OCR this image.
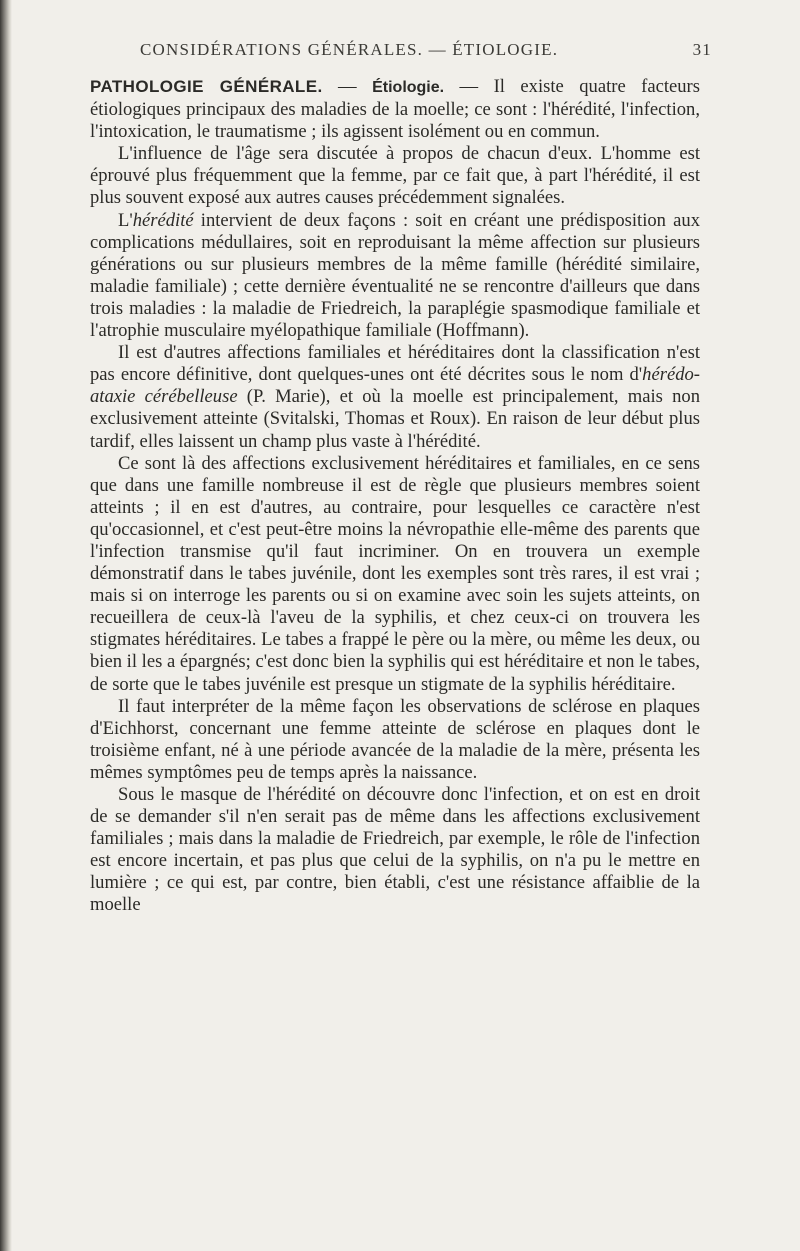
CONSIDÉRATIONS GÉNÉRALES. — ÉTIOLOGIE.	31

PATHOLOGIE GÉNÉRALE. — Étiologie. — Il existe quatre facteurs étiologiques principaux des maladies de la moelle; ce sont : l'hérédité, l'infection, l'intoxication, le traumatisme ; ils agissent isolément ou en commun.

L'influence de l'âge sera discutée à propos de chacun d'eux. L'homme est éprouvé plus fréquemment que la femme, par ce fait que, à part l'hérédité, il est plus souvent exposé aux autres causes précédemment signalées.

L'hérédité intervient de deux façons : soit en créant une prédisposition aux complications médullaires, soit en reproduisant la même affection sur plusieurs générations ou sur plusieurs membres de la même famille (hérédité similaire, maladie familiale) ; cette dernière éventualité ne se rencontre d'ailleurs que dans trois maladies : la maladie de Friedreich, la paraplégie spasmodique familiale et l'atrophie musculaire myélopathique familiale (Hoffmann).

Il est d'autres affections familiales et héréditaires dont la classification n'est pas encore définitive, dont quelques-unes ont été décrites sous le nom d'hérédo-ataxie cérébelleuse (P. Marie), et où la moelle est principalement, mais non exclusivement atteinte (Svitalski, Thomas et Roux). En raison de leur début plus tardif, elles laissent un champ plus vaste à l'hérédité.

Ce sont là des affections exclusivement héréditaires et familiales, en ce sens que dans une famille nombreuse il est de règle que plusieurs membres soient atteints ; il en est d'autres, au contraire, pour lesquelles ce caractère n'est qu'occasionnel, et c'est peut-être moins la névropathie elle-même des parents que l'infection transmise qu'il faut incriminer. On en trouvera un exemple démonstratif dans le tabes juvénile, dont les exemples sont très rares, il est vrai ; mais si on interroge les parents ou si on examine avec soin les sujets atteints, on recueillera de ceux-là l'aveu de la syphilis, et chez ceux-ci on trouvera les stigmates héréditaires. Le tabes a frappé le père ou la mère, ou même les deux, ou bien il les a épargnés; c'est donc bien la syphilis qui est héréditaire et non le tabes, de sorte que le tabes juvénile est presque un stigmate de la syphilis héréditaire.

Il faut interpréter de la même façon les observations de sclérose en plaques d'Eichhorst, concernant une femme atteinte de sclérose en plaques dont le troisième enfant, né à une période avancée de la maladie de la mère, présenta les mêmes symptômes peu de temps après la naissance.

Sous le masque de l'hérédité on découvre donc l'infection, et on est en droit de se demander s'il n'en serait pas de même dans les affections exclusivement familiales ; mais dans la maladie de Friedreich, par exemple, le rôle de l'infection est encore incertain, et pas plus que celui de la syphilis, on n'a pu le mettre en lumière ; ce qui est, par contre, bien établi, c'est une résistance affaiblie de la moelle
